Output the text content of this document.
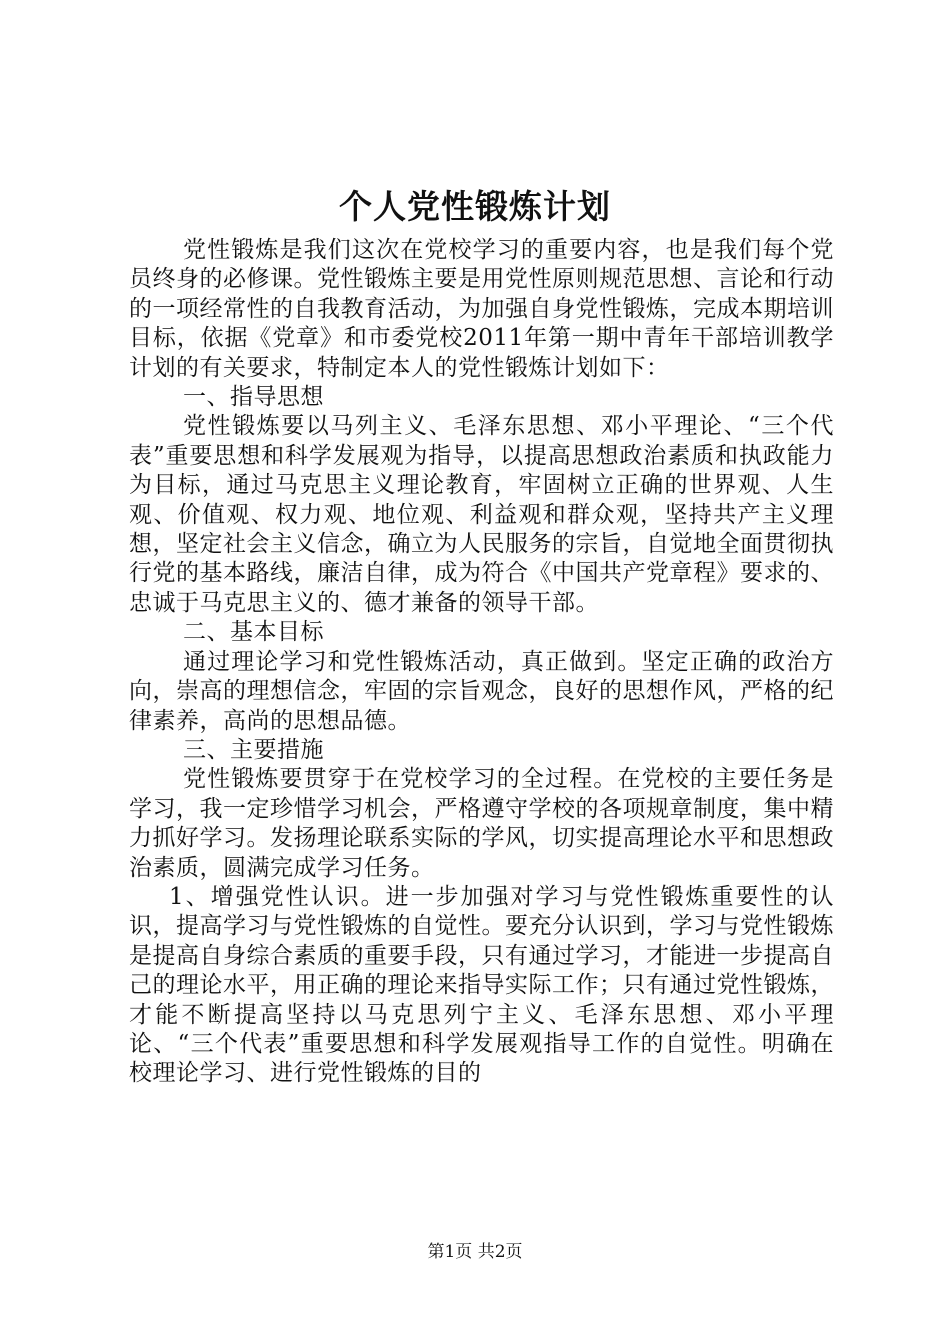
个人党性锻炼计划

党性锻炼是我们这次在党校学习的重要内容，也是我们每个党员终身的必修课。党性锻炼主要是用党性原则规范思想、言论和行动的一项经常性的自我教育活动，为加强自身党性锻炼，完成本期培训目标，依据《党章》和市委党校2011年第一期中青年干部培训教学计划的有关要求，特制定本人的党性锻炼计划如下：

一、指导思想

党性锻炼要以马列主义、毛泽东思想、邓小平理论、“三个代表”重要思想和科学发展观为指导，以提高思想政治素质和执政能力为目标，通过马克思主义理论教育，牢固树立正确的世界观、人生观、价值观、权力观、地位观、利益观和群众观，坚持共产主义理想，坚定社会主义信念，确立为人民服务的宗旨，自觉地全面贯彻执行党的基本路线，廉洁自律，成为符合《中国共产党章程》要求的、忠诚于马克思主义的、德才兼备的领导干部。

二、基本目标

通过理论学习和党性锻炼活动，真正做到。坚定正确的政治方向，崇高的理想信念，牢固的宗旨观念，良好的思想作风，严格的纪律素养，高尚的思想品德。

三、主要措施

党性锻炼要贯穿于在党校学习的全过程。在党校的主要任务是学习，我一定珍惜学习机会，严格遵守学校的各项规章制度，集中精力抓好学习。发扬理论联系实际的学风，切实提高理论水平和思想政治素质，圆满完成学习任务。

1、增强党性认识。进一步加强对学习与党性锻炼重要性的认识，提高学习与党性锻炼的自觉性。要充分认识到，学习与党性锻炼是提高自身综合素质的重要手段，只有通过学习，才能进一步提高自己的理论水平，用正确的理论来指导实际工作；只有通过党性锻炼，才能不断提高坚持以马克思列宁主义、毛泽东思想、邓小平理论、“三个代表”重要思想和科学发展观指导工作的自觉性。明确在校理论学习、进行党性锻炼的目的

第1页 共2页
